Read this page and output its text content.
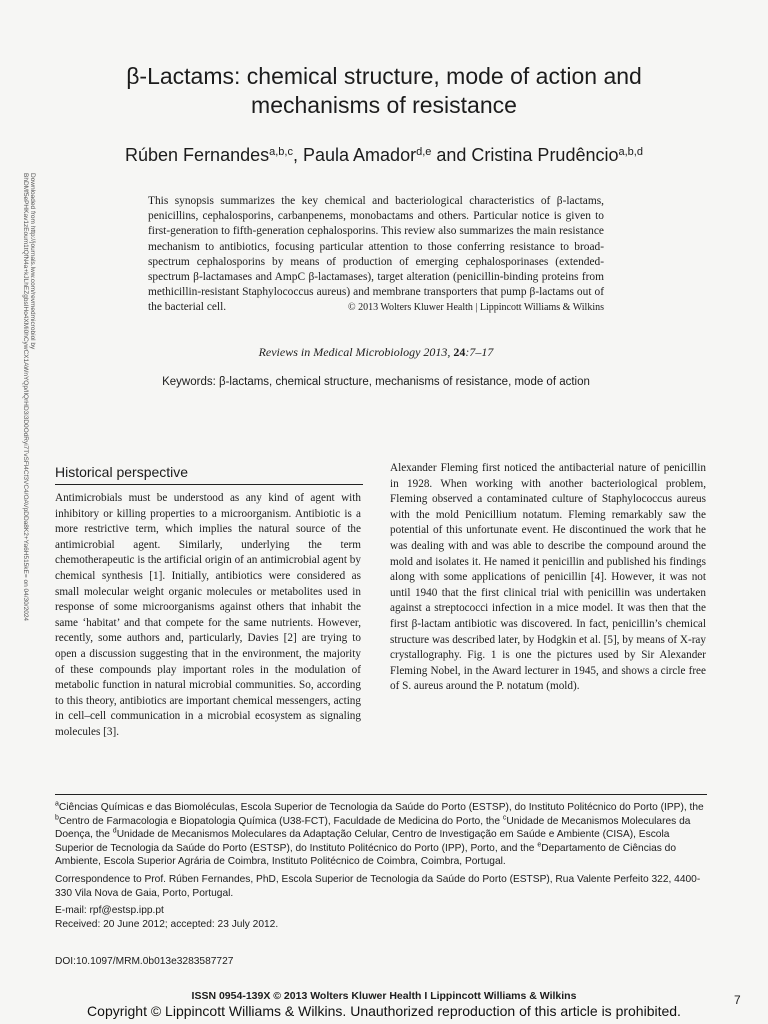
β-Lactams: chemical structure, mode of action and mechanisms of resistance
Rúben Fernandes$^{a,b,c}$, Paula Amador$^{d,e}$ and Cristina Prudêncio$^{a,b,d}$
Downloaded from http://journals.lww.com/revmedmicrobiol by BhDMf5ePHKav1zEoum1tQfN4a+kJLhEZgbsIHo4XMi0hCywCX1AWnYQp/IlQrHD3i3D0OdRyi7TvSFl4Cf3VC4/OAVpDDa8K2+Ya6H515kE= on 04/30/2024	This synopsis summarizes the key chemical and bacteriological characteristics of β-lactams, penicillins, cephalosporins, carbanpenems, monobactams and others. Particular notice is given to first-generation to fifth-generation cephalosporins. This review also summarizes the main resistance mechanism to antibiotics, focusing particular attention to those conferring resistance to broad-spectrum cephalosporins by means of production of emerging cephalosporinases (extended-spectrum β-lactamases and AmpC β-lactamases), target alteration (penicillin-binding proteins from methicillin-resistant Staphylococcus aureus) and membrane transporters that pump β-lactams out of the bacterial cell.	© 2013 Wolters Kluwer Health | Lippincott Williams & Wilkins
Reviews in Medical Microbiology 2013, 24:7–17
Keywords: β-lactams, chemical structure, mechanisms of resistance, mode of action
Historical perspective
Antimicrobials must be understood as any kind of agent with inhibitory or killing properties to a microorganism. Antibiotic is a more restrictive term, which implies the natural source of the antimicrobial agent. Similarly, underlying the term chemotherapeutic is the artificial origin of an antimicrobial agent by chemical synthesis [1]. Initially, antibiotics were considered as small molecular weight organic molecules or metabolites used in response of some microorganisms against others that inhabit the same ‘habitat’ and that compete for the same nutrients. However, recently, some authors and, particularly, Davies [2] are trying to open a discussion suggesting that in the environment, the majority of these compounds play important roles in the modulation of metabolic function in natural microbial communities. So, according to this theory, antibiotics are important chemical messengers, acting in cell–cell communication in a microbial ecosystem as signaling molecules [3].
Alexander Fleming first noticed the antibacterial nature of penicillin in 1928. When working with another bacteriological problem, Fleming observed a contaminated culture of Staphylococcus aureus with the mold Penicillium notatum. Fleming remarkably saw the potential of this unfortunate event. He discontinued the work that he was dealing with and was able to describe the compound around the mold and isolates it. He named it penicillin and published his findings along with some applications of penicillin [4]. However, it was not until 1940 that the first clinical trial with penicillin was undertaken against a streptococci infection in a mice model. It was then that the first β-lactam antibiotic was discovered. In fact, penicillin’s chemical structure was described later, by Hodgkin et al. [5], by means of X-ray crystallography. Fig. 1 is one the pictures used by Sir Alexander Fleming Nobel, in the Award lecturer in 1945, and shows a circle free of S. aureus around the P. notatum (mold).

$^a$Ciências Químicas e das Biomoléculas, Escola Superior de Tecnologia da Saúde do Porto (ESTSP), do Instituto Politécnico do Porto (IPP), the $^b$Centro de Farmacologia e Biopatologia Química (U38-FCT), Faculdade de Medicina do Porto, the $^c$Unidade de Mecanismos Moleculares da Doença, the $^d$Unidade de Mecanismos Moleculares da Adaptação Celular, Centro de Investigação em Saúde e Ambiente (CISA), Escola Superior de Tecnologia da Saúde do Porto (ESTSP), do Instituto Politécnico do Porto (IPP), Porto, and the $^e$Departamento de Ciências do Ambiente, Escola Superior Agrária de Coimbra, Instituto Politécnico de Coimbra, Coimbra, Portugal.

Correspondence to Prof. Rúben Fernandes, PhD, Escola Superior de Tecnologia da Saúde do Porto (ESTSP), Rua Valente Perfeito 322, 4400-330 Vila Nova de Gaia, Porto, Portugal.

E-mail: rpf@estsp.ipp.pt

Received: 20 June 2012; accepted: 23 July 2012.

DOI:10.1097/MRM.0b013e3283587727
ISSN 0954-139X © 2013 Wolters Kluwer Health I Lippincott Williams & Wilkins	7
Copyright © Lippincott Williams & Wilkins. Unauthorized reproduction of this article is prohibited.
